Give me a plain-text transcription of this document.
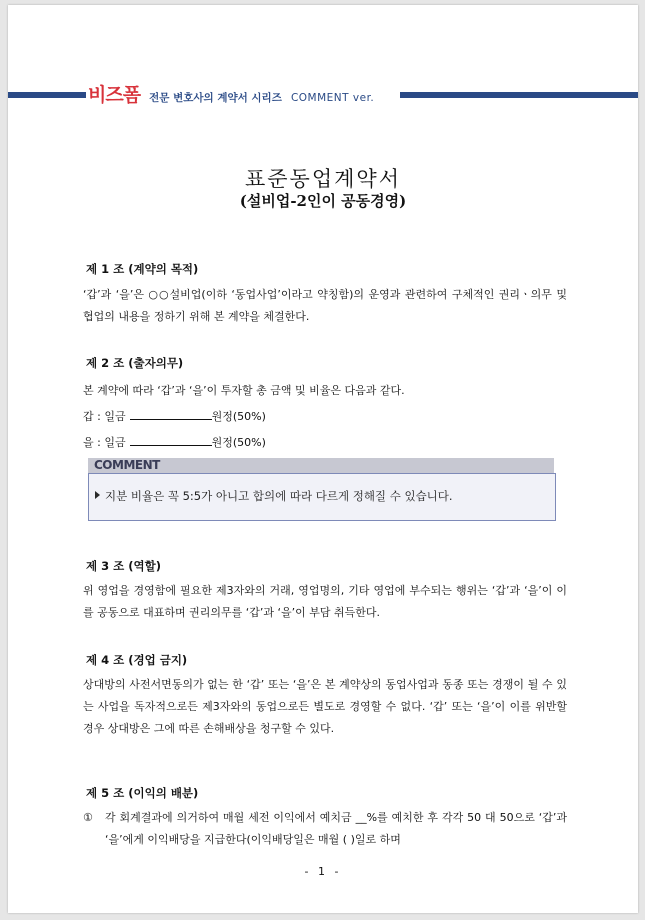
비즈폼 전문 변호사의 계약서 시리즈 COMMENT ver.
표준동업계약서
(설비업-2인이 공동경영)
제 1 조 (계약의 목적)
‘갑’과 ‘을’은 ○○설비업(이하 ‘동업사업’이라고 약칭함)의 운영과 관련하여 구체적인 권리ㆍ의무 및 협업의 내용을 정하기 위해 본 계약을 체결한다.
제 2 조 (출자의무)
본 계약에 따라 ‘갑’과 ‘을’이 투자할 총 금액 및 비율은 다음과 같다.
갑 : 일금	원정(50%)
을 : 일금	원정(50%)
COMMENT
지분 비율은 꼭 5:5가 아니고 합의에 따라 다르게 정해질 수 있습니다.
제 3 조 (역할)
위 영업을 경영함에 필요한 제3자와의 거래, 영업명의, 기타 영업에 부수되는 행위는 ‘갑’과 ‘을’이 이를 공동으로 대표하며 권리의무를 ‘갑’과 ‘을’이 부담 취득한다.
제 4 조 (경업 금지)
상대방의 사전서면동의가 없는 한 ‘갑’ 또는 ‘을’은 본 계약상의 동업사업과 동종 또는 경쟁이 될 수 있는 사업을 독자적으로든 제3자와의 동업으로든 별도로 경영할 수 없다. ‘갑’ 또는 ‘을’이 이를 위반할 경우 상대방은 그에 따른 손해배상을 청구할 수 있다.
제 5 조 (이익의 배분)
① 각 회계결과에 의거하여 매월 세전 이익에서 예치금 __%를 예치한 후 각각 50 대 50으로 ‘갑’과 ‘을’에게 이익배당을 지급한다(이익배당일은 매월 ( )일로 하며
- 1 -
